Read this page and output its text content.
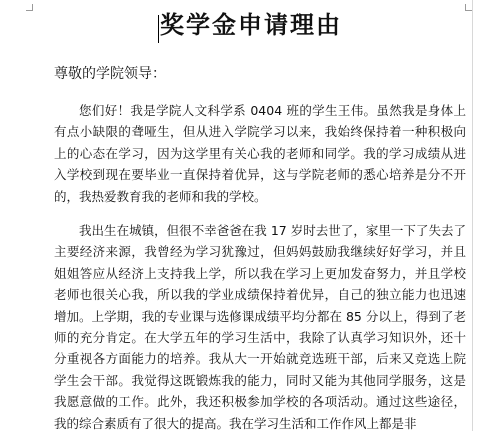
奖学金申请理由
尊敬的学院领导：

您们好！我是学院人文科学系 0404 班的学生王伟。虽然我是身体上有点小缺限的聋哑生，但从进入学院学习以来，我始终保持着一种积极向上的心态在学习，因为这学里有关心我的老师和同学。我的学习成绩从进入学校到现在要毕业一直保持着优异，这与学院老师的悉心培养是分不开的，我热爱教育我的老师和我的学校。

我出生在城镇，但很不幸爸爸在我 17 岁时去世了，家里一下了失去了主要经济来源，我曾经为学习犹豫过，但妈妈鼓励我继续好好学习，并且姐姐答应从经济上支持我上学，所以我在学习上更加发奋努力，并且学校老师也很关心我，所以我的学业成绩保持着优异，自己的独立能力也迅速增加。上学期，我的专业课与选修课成绩平均分都在 85 分以上，得到了老师的充分肯定。在大学五年的学习生活中，我除了认真学习知识外，还十分重视各方面能力的培养。我从大一开始就竞选班干部，后来又竞选上院学生会干部。我觉得这既锻炼我的能力，同时又能为其他同学服务，这是我愿意做的工作。此外，我还积极参加学校的各项活动。通过这些途径，我的综合素质有了很大的提高。我在学习生活和工作作风上都是非
